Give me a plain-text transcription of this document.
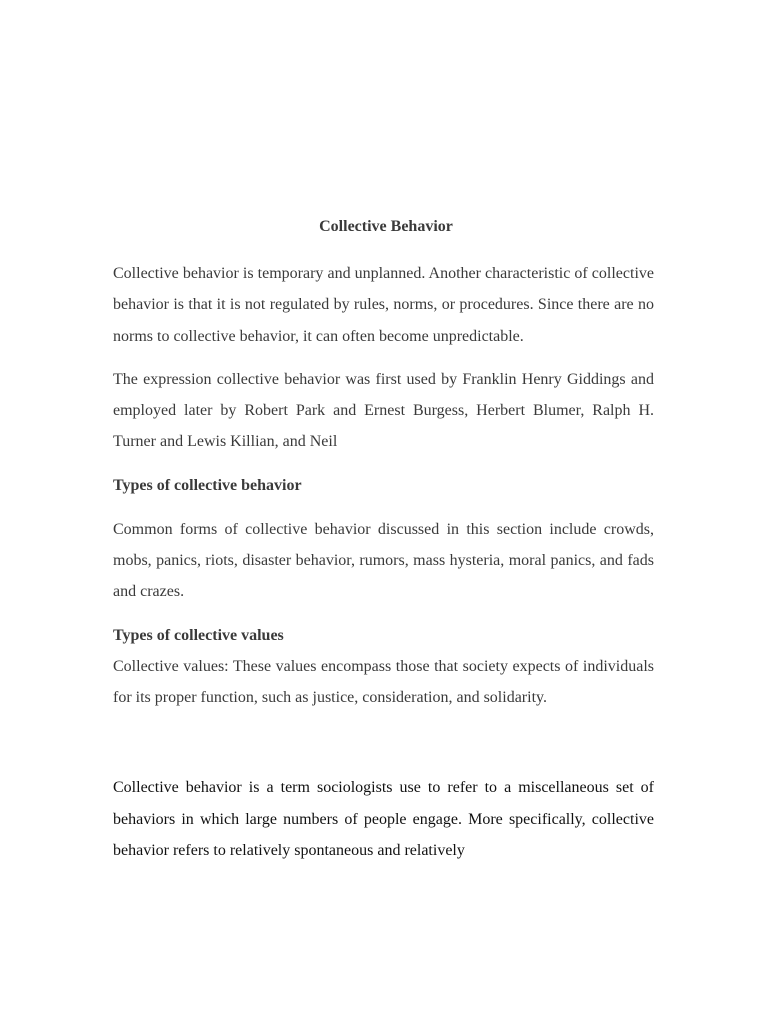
Collective Behavior

Collective behavior is temporary and unplanned. Another characteristic of collective behavior is that it is not regulated by rules, norms, or procedures. Since there are no norms to collective behavior, it can often become unpredictable.

The expression collective behavior was first used by Franklin Henry Giddings and employed later by Robert Park and Ernest Burgess, Herbert Blumer, Ralph H. Turner and Lewis Killian, and Neil

Types of collective behavior

Common forms of collective behavior discussed in this section include crowds, mobs, panics, riots, disaster behavior, rumors, mass hysteria, moral panics, and fads and crazes.

Types of collective values

Collective values: These values encompass those that society expects of individuals for its proper function, such as justice, consideration, and solidarity.

Collective behavior is a term sociologists use to refer to a miscellaneous set of behaviors in which large numbers of people engage. More specifically, collective behavior refers to relatively spontaneous and relatively
